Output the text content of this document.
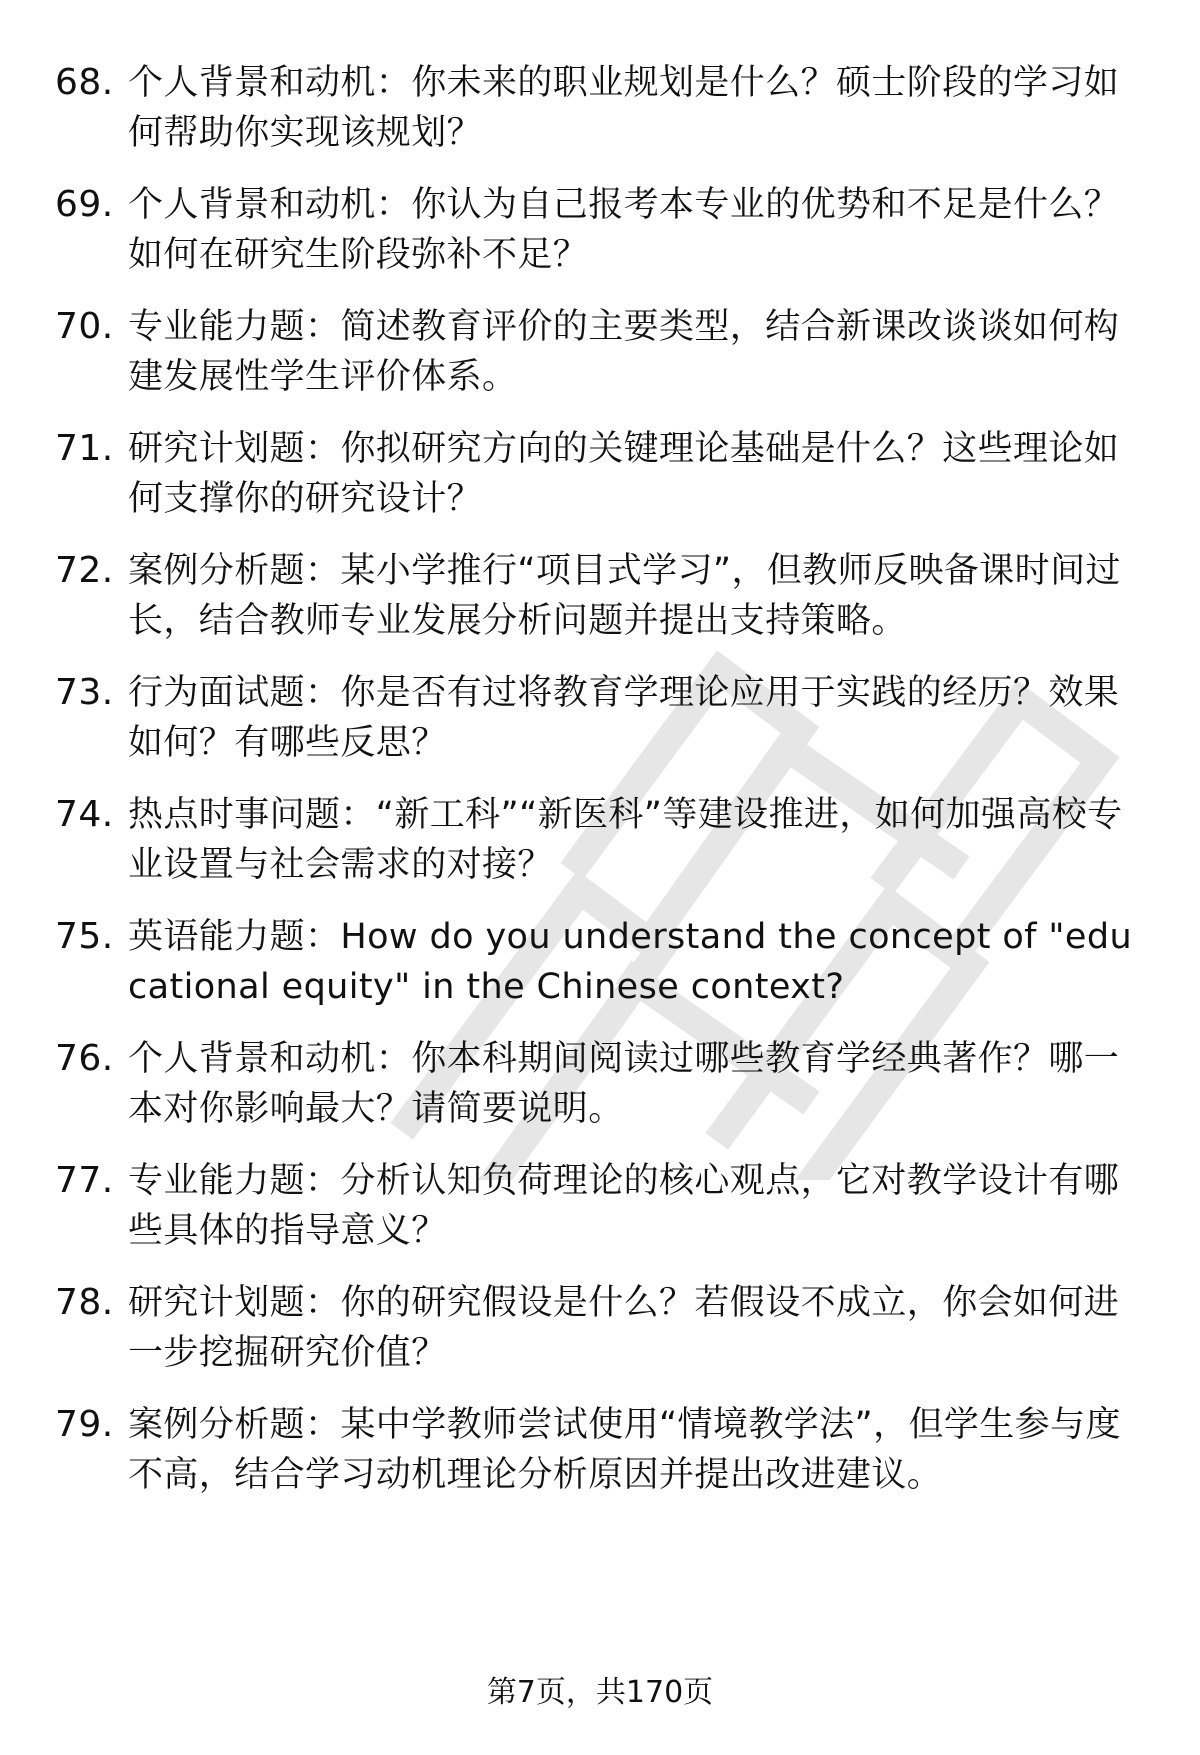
68. 个人背景和动机：你未来的职业规划是什么？硕士阶段的学习如何帮助你实现该规划？
69. 个人背景和动机：你认为自己报考本专业的优势和不足是什么？如何在研究生阶段弥补不足？
70. 专业能力题：简述教育评价的主要类型，结合新课改谈谈如何构建发展性学生评价体系。
71. 研究计划题：你拟研究方向的关键理论基础是什么？这些理论如何支撑你的研究设计？
72. 案例分析题：某小学推行“项目式学习”，但教师反映备课时间过长，结合教师专业发展分析问题并提出支持策略。
73. 行为面试题：你是否有过将教育学理论应用于实践的经历？效果如何？有哪些反思？
74. 热点时事问题：“新工科”“新医科”等建设推进，如何加强高校专业设置与社会需求的对接？
75. 英语能力题：How do you understand the concept of "educational equity" in the Chinese context?
76. 个人背景和动机：你本科期间阅读过哪些教育学经典著作？哪一本对你影响最大？请简要说明。
77. 专业能力题：分析认知负荷理论的核心观点，它对教学设计有哪些具体的指导意义？
78. 研究计划题：你的研究假设是什么？若假设不成立，你会如何进一步挖掘研究价值？
79. 案例分析题：某中学教师尝试使用“情境教学法”，但学生参与度不高，结合学习动机理论分析原因并提出改进建议。
第7页，共170页
